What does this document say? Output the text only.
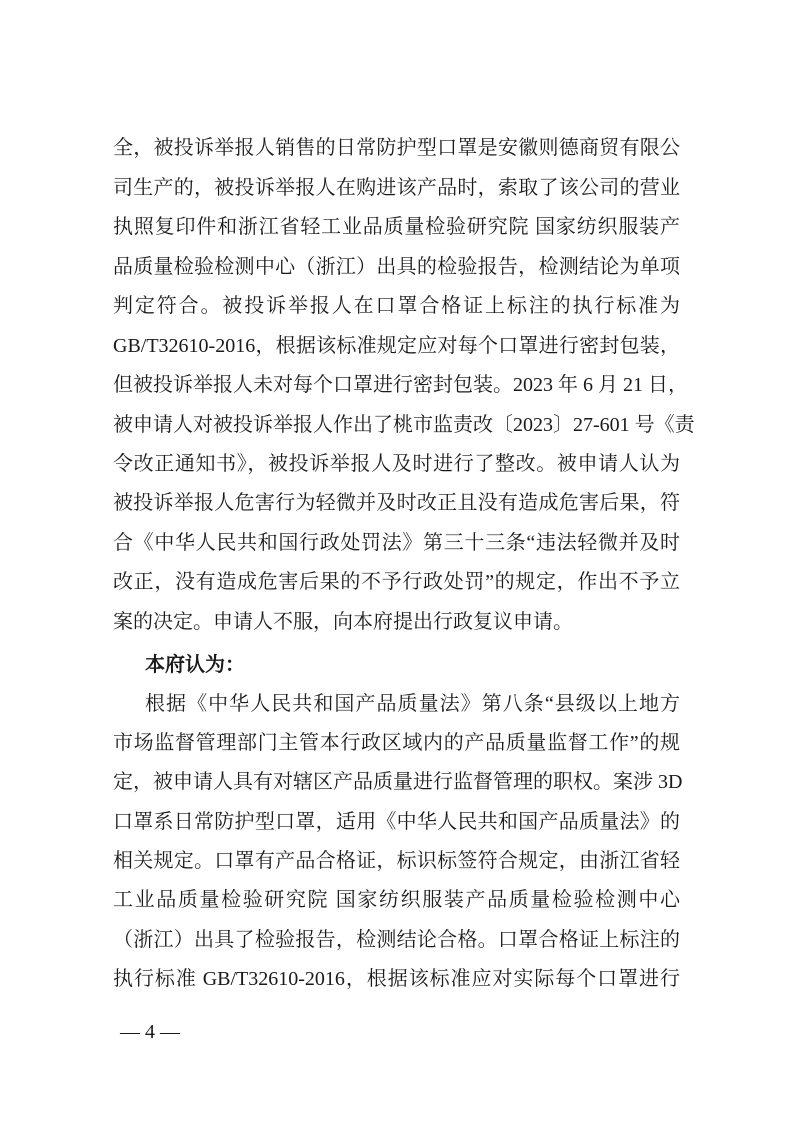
全，被投诉举报人销售的日常防护型口罩是安徽则德商贸有限公
司生产的，被投诉举报人在购进该产品时，索取了该公司的营业
执照复印件和浙江省轻工业品质量检验研究院 国家纺织服装产
品质量检验检测中心（浙江）出具的检验报告，检测结论为单项
判定符合。被投诉举报人在口罩合格证上标注的执行标准为
GB/T32610-2016，根据该标准规定应对每个口罩进行密封包装，
但被投诉举报人未对每个口罩进行密封包装。2023 年 6 月 21 日，
被申请人对被投诉举报人作出了桃市监责改〔2023〕27-601 号《责
令改正通知书》，被投诉举报人及时进行了整改。被申请人认为
被投诉举报人危害行为轻微并及时改正且没有造成危害后果，符
合《中华人民共和国行政处罚法》第三十三条“违法轻微并及时
改正，没有造成危害后果的不予行政处罚”的规定，作出不予立
案的决定。申请人不服，向本府提出行政复议申请。
本府认为：
根据《中华人民共和国产品质量法》第八条“县级以上地方
市场监督管理部门主管本行政区域内的产品质量监督工作”的规
定，被申请人具有对辖区产品质量进行监督管理的职权。案涉 3D
口罩系日常防护型口罩，适用《中华人民共和国产品质量法》的
相关规定。口罩有产品合格证，标识标签符合规定，由浙江省轻
工业品质量检验研究院 国家纺织服装产品质量检验检测中心
（浙江）出具了检验报告，检测结论合格。口罩合格证上标注的
执行标准 GB/T32610-2016，根据该标准应对实际每个口罩进行
— 4 —
